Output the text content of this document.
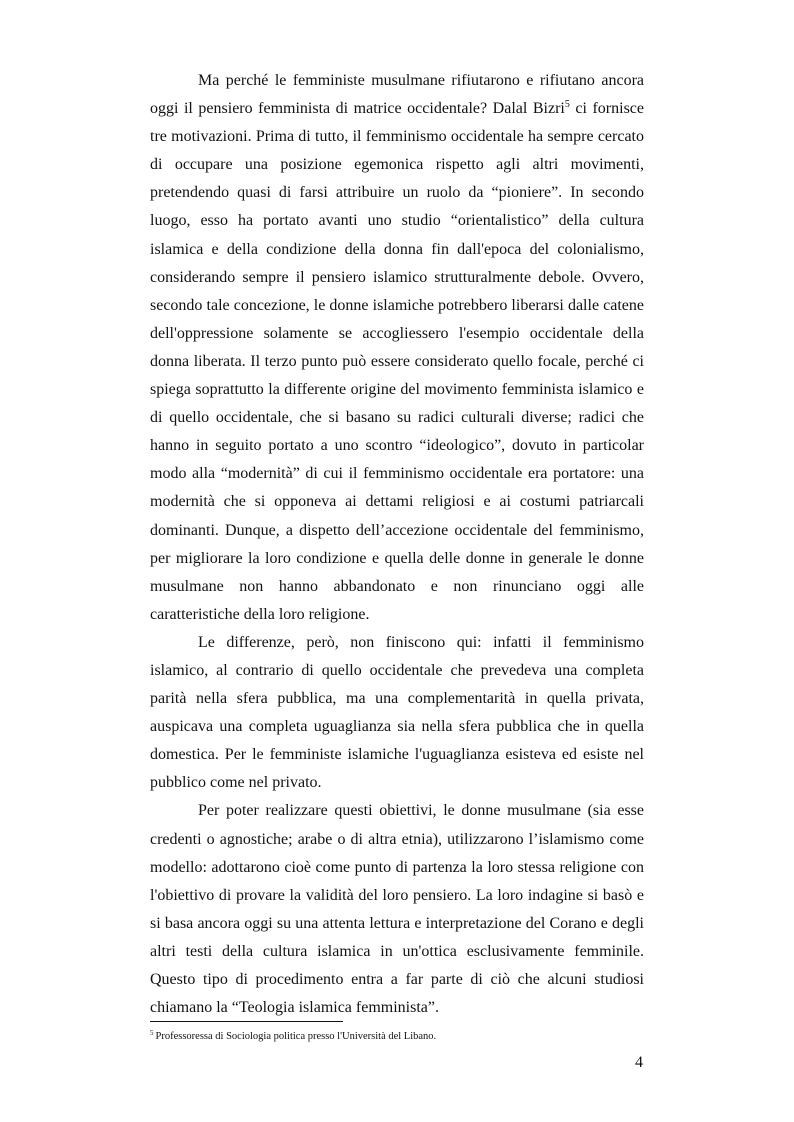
Ma perché le femministe musulmane rifiutarono e rifiutano ancora oggi il pensiero femminista di matrice occidentale? Dalal Bizri$^5$ ci fornisce tre motivazioni. Prima di tutto, il femminismo occidentale ha sempre cercato di occupare una posizione egemonica rispetto agli altri movimenti, pretendendo quasi di farsi attribuire un ruolo da “pioniere”. In secondo luogo, esso ha portato avanti uno studio “orientalistico” della cultura islamica e della condizione della donna fin dall'epoca del colonialismo, considerando sempre il pensiero islamico strutturalmente debole. Ovvero, secondo tale concezione, le donne islamiche potrebbero liberarsi dalle catene dell'oppressione solamente se accogliessero l'esempio occidentale della donna liberata. Il terzo punto può essere considerato quello focale, perché ci spiega soprattutto la differente origine del movimento femminista islamico e di quello occidentale, che si basano su radici culturali diverse; radici che hanno in seguito portato a uno scontro “ideologico”, dovuto in particolar modo alla “modernità” di cui il femminismo occidentale era portatore: una modernità che si opponeva ai dettami religiosi e ai costumi patriarcali dominanti. Dunque, a dispetto dell’accezione occidentale del femminismo, per migliorare la loro condizione e quella delle donne in generale le donne musulmane non hanno abbandonato e non rinunciano oggi alle caratteristiche della loro religione.

Le differenze, però, non finiscono qui: infatti il femminismo islamico, al contrario di quello occidentale che prevedeva una completa parità nella sfera pubblica, ma una complementarità in quella privata, auspicava una completa uguaglianza sia nella sfera pubblica che in quella domestica. Per le femministe islamiche l'uguaglianza esisteva ed esiste nel pubblico come nel privato.

Per poter realizzare questi obiettivi, le donne musulmane (sia esse credenti o agnostiche; arabe o di altra etnia), utilizzarono l’islamismo come modello: adottarono cioè come punto di partenza la loro stessa religione con l'obiettivo di provare la validità del loro pensiero. La loro indagine si basò e si basa ancora oggi su una attenta lettura e interpretazione del Corano e degli altri testi della cultura islamica in un'ottica esclusivamente femminile. Questo tipo di procedimento entra a far parte di ciò che alcuni studiosi chiamano la “Teologia islamica femminista”.

$^5$ Professoressa di Sociologia politica presso l'Università del Libano.
4
